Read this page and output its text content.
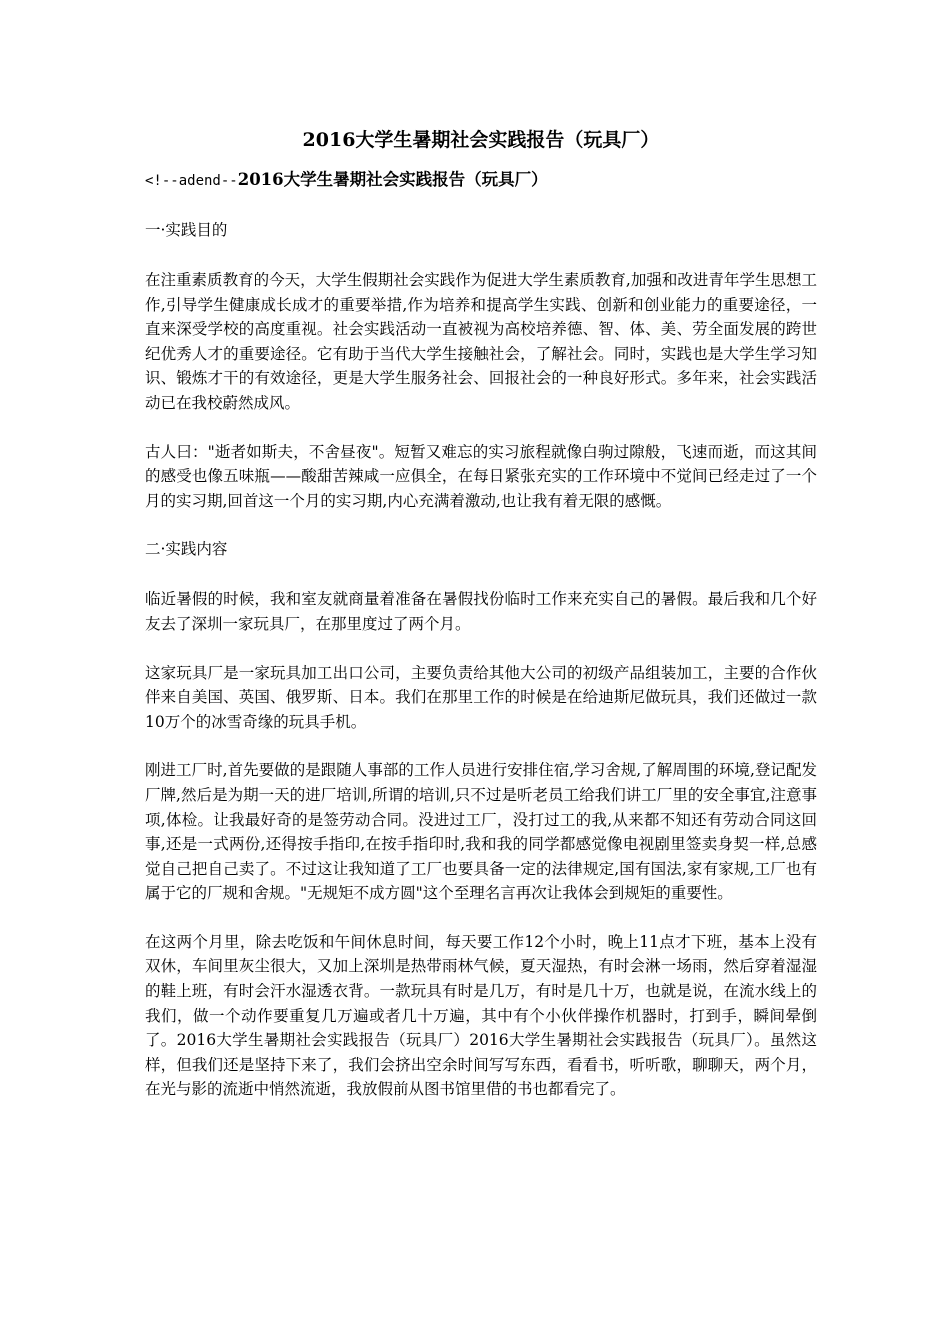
2016大学生暑期社会实践报告（玩具厂）
<!--adend--2016大学生暑期社会实践报告（玩具厂）
一·实践目的

在注重素质教育的今天，大学生假期社会实践作为促进大学生素质教育,加强和改进青年学生思想工作,引导学生健康成长成才的重要举措,作为培养和提高学生实践、创新和创业能力的重要途径，一直来深受学校的高度重视。社会实践活动一直被视为高校培养德、智、体、美、劳全面发展的跨世纪优秀人才的重要途径。它有助于当代大学生接触社会，了解社会。同时，实践也是大学生学习知识、锻炼才干的有效途径，更是大学生服务社会、回报社会的一种良好形式。多年来，社会实践活动已在我校蔚然成风。

古人曰："逝者如斯夫，不舍昼夜"。短暂又难忘的实习旅程就像白驹过隙般，飞速而逝，而这其间的感受也像五味瓶——酸甜苦辣咸一应俱全，在每日紧张充实的工作环境中不觉间已经走过了一个月的实习期,回首这一个月的实习期,内心充满着激动,也让我有着无限的感慨。

二·实践内容

临近暑假的时候，我和室友就商量着准备在暑假找份临时工作来充实自己的暑假。最后我和几个好友去了深圳一家玩具厂，在那里度过了两个月。

这家玩具厂是一家玩具加工出口公司，主要负责给其他大公司的初级产品组装加工，主要的合作伙伴来自美国、英国、俄罗斯、日本。我们在那里工作的时候是在给迪斯尼做玩具，我们还做过一款10万个的冰雪奇缘的玩具手机。

刚进工厂时,首先要做的是跟随人事部的工作人员进行安排住宿,学习舍规,了解周围的环境,登记配发厂牌,然后是为期一天的进厂培训,所谓的培训,只不过是听老员工给我们讲工厂里的安全事宜,注意事项,体检。让我最好奇的是签劳动合同。没进过工厂，没打过工的我,从来都不知还有劳动合同这回事,还是一式两份,还得按手指印,在按手指印时,我和我的同学都感觉像电视剧里签卖身契一样,总感觉自己把自己卖了。不过这让我知道了工厂也要具备一定的法律规定,国有国法,家有家规,工厂也有属于它的厂规和舍规。"无规矩不成方圆"这个至理名言再次让我体会到规矩的重要性。

在这两个月里，除去吃饭和午间休息时间，每天要工作12个小时，晚上11点才下班，基本上没有双休，车间里灰尘很大，又加上深圳是热带雨林气候，夏天湿热，有时会淋一场雨，然后穿着湿湿的鞋上班，有时会汗水湿透衣背。一款玩具有时是几万，有时是几十万，也就是说，在流水线上的我们，做一个动作要重复几万遍或者几十万遍，其中有个小伙伴操作机器时，打到手，瞬间晕倒了。2016大学生暑期社会实践报告（玩具厂）2016大学生暑期社会实践报告（玩具厂）。虽然这样，但我们还是坚持下来了，我们会挤出空余时间写写东西，看看书，听听歌，聊聊天，两个月，在光与影的流逝中悄然流逝，我放假前从图书馆里借的书也都看完了。
